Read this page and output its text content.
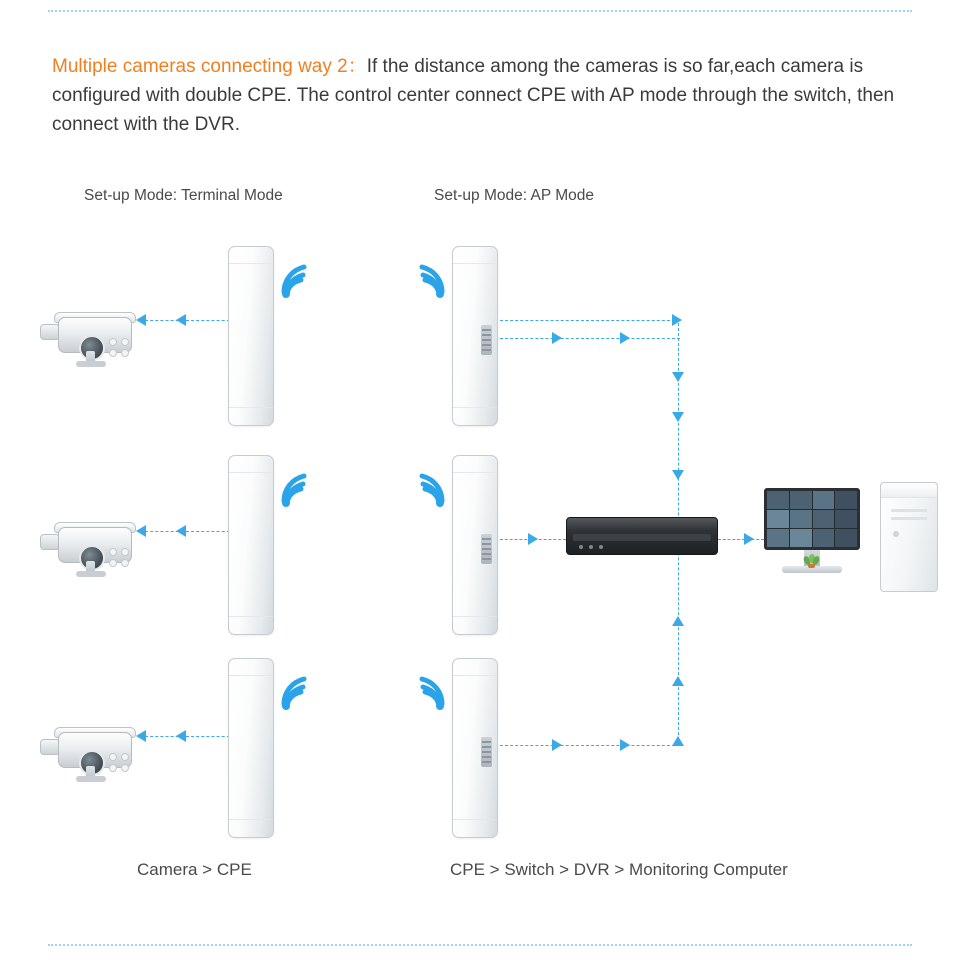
Multiple cameras connecting way 2：If the distance among the cameras is so far,each camera is configured with double CPE. The control center connect CPE with AP mode through the switch, then connect with the DVR.
Set-up Mode: Terminal Mode	Set-up Mode: AP Mode
Camera > CPE	CPE > Switch > DVR > Monitoring Computer
